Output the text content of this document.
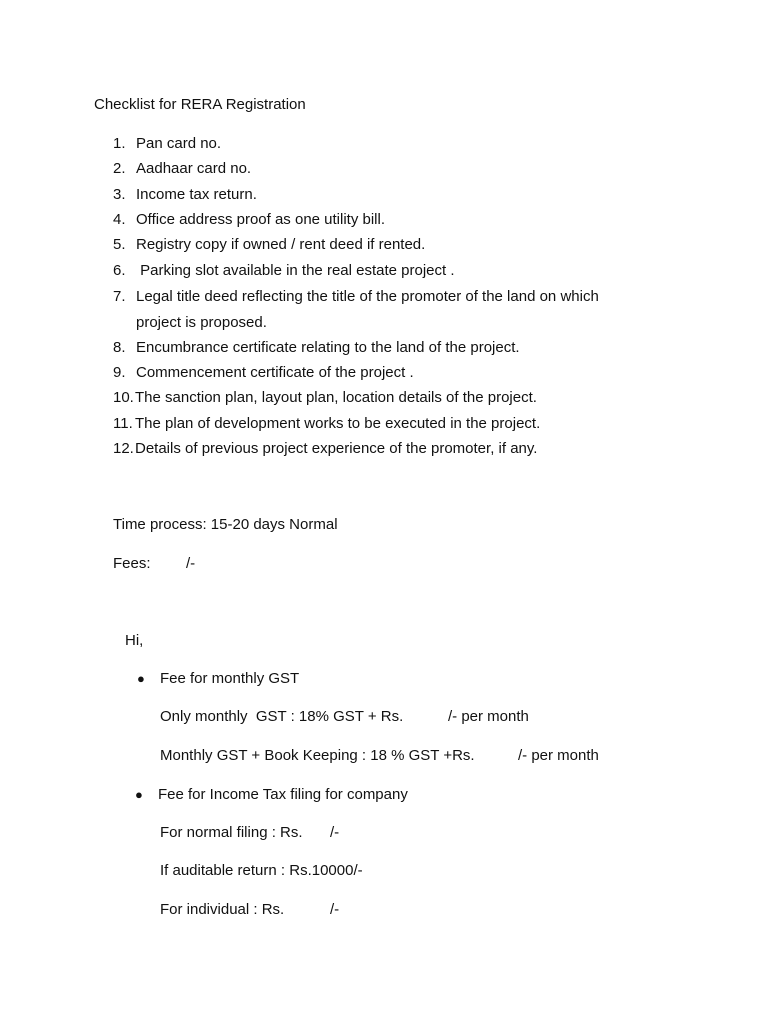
Checklist for RERA Registration
1. Pan card no.
2. Aadhaar card no.
3. Income tax return.
4. Office address proof as one utility bill.
5. Registry copy if owned / rent deed if rented.
6. Parking slot available in the real estate project .
7. Legal title deed reflecting the title of the promoter of the land on which
project is proposed.
8. Encumbrance certificate relating to the land of the project.
9. Commencement certificate of the project .
10. The sanction plan, layout plan, location details of the project.
11. The plan of development works to be executed in the project.
12. Details of previous project experience of the promoter, if any.
Time process: 15-20 days Normal
Fees: /-
Hi,
● Fee for monthly GST
Only monthly  GST : 18% GST + Rs.	/- per month
Monthly GST + Book Keeping : 18 % GST +Rs.	/- per month
● Fee for Income Tax filing for company
For normal filing : Rs. /-
If auditable return : Rs.10000/-
For individual : Rs.	/-
